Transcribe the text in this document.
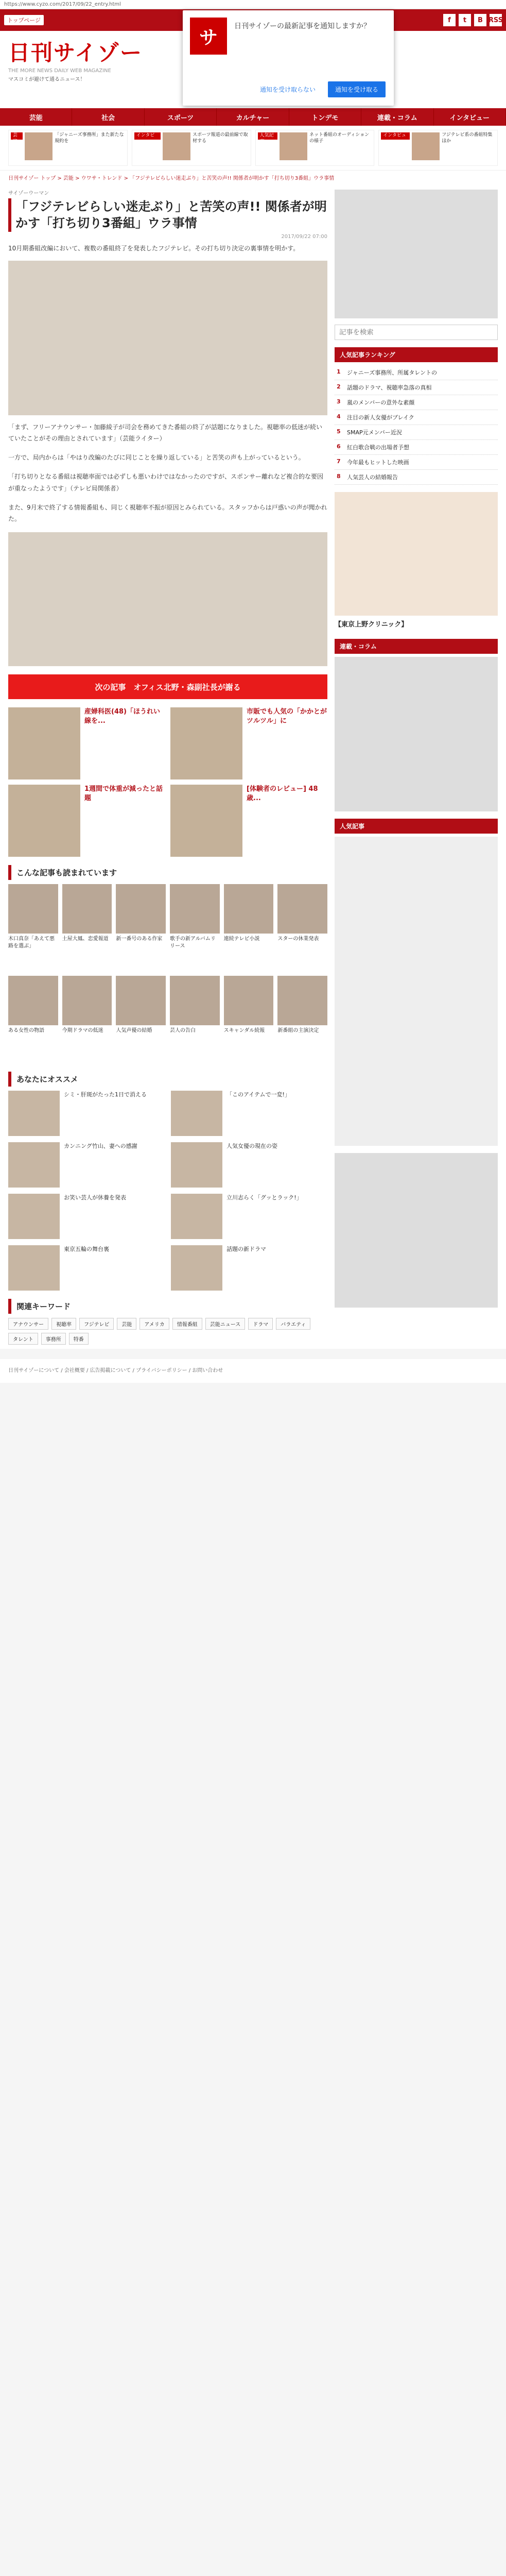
https://www.cyzo.com/2017/09/22_entry.html
トップページ	f	t	B RSS
サ
日刊サイゾーの最新記事を通知しますか？
通知を受け取らない	通知を受け取る
日刊サイゾー
THE MORE NEWS DAILY WEB MAGAZINE
マスコミが避けて通るニュース！
芸能	社会	スポーツ	カルチャー	トンデモ	連載・コラム	インタビュー
芸能
「ジャニーズ事務所」また新たな規約を
インタビュー
スポーツ報道の最前線で取材する
人気記事
ネット番組のオーディションの様子
インタビュー
フジテレビ系の番組特集ほか
日刊サイゾー トップ > 芸能 > ウワサ・トレンド > 「フジテレビらしい迷走ぶり」と苦笑の声!! 関係者が明かす「打ち切り3番組」ウラ事情
サイゾーウーマン
「フジテレビらしい迷走ぶり」と苦笑の声!! 関係者が明かす「打ち切り3番組」ウラ事情
2017/09/22 07:00

10月期番組改編において、複数の番組終了を発表したフジテレビ。その打ち切り決定の裏事情を明かす。

「まず、フリーアナウンサー・加藤綾子が司会を務めてきた番組の終了が話題になりました。視聴率の低迷が続いていたことがその理由とされています」（芸能ライター）

一方で、局内からは「やはり改編のたびに同じことを繰り返している」と苦笑の声も上がっているという。

「打ち切りとなる番組は視聴率面では必ずしも悪いわけではなかったのですが、スポンサー離れなど複合的な要因が重なったようです」（テレビ局関係者）

また、9月末で終了する情報番組も、同じく視聴率不振が原因とみられている。スタッフからは戸惑いの声が聞かれた。

次の記事　オフィス北野・森副社長が謝る
産婦科医(48)「ほうれい線を...
市販でも人気の「かかとがツルツル」に
1週間で体重が減ったと話題
[体験者のレビュー] 48歳...
こんな記事も読まれています
木口真奈「あえて悪路を選ぶ」
土屋大鳳、恋愛報道	新一番号のある作家	歌手の新アルバムリリース
連続テレビ小説	スターの休業発表
ある女性の物語	今期ドラマの低迷	人気声優の結婚	芸人の告白	スキャンダル続報	新番組の主演決定
あなたにオススメ
シミ・肝斑がたった1日で消える	「このアイテムで一変!」
カンニング竹山、妻への感謝	人気女優の現在の姿
お笑い芸人が休養を発表	立川志らく「グッとラック!」
東京五輪の舞台裏	話題の新ドラマ
関連キーワード
アナウンサー	視聴率	フジテレビ	芸能	アメリカ	情報番組	芸能ニュース	ドラマ	バラエティ
タレント	事務所	特番
記事を検索
人気記事ランキング
1	ジャニーズ事務所、所属タレントの
2	話題のドラマ、視聴率急落の真相
3	嵐のメンバーの意外な素顔
4	注目の新人女優がブレイク
5	SMAP元メンバー近況
6	紅白歌合戦の出場者予想
7	今年最もヒットした映画
8	人気芸人の結婚報告
【東京上野クリニック】
連載・コラム
人気記事
日刊サイゾーについて / 会社概要 / 広告掲載について / プライバシーポリシー / お問い合わせ
